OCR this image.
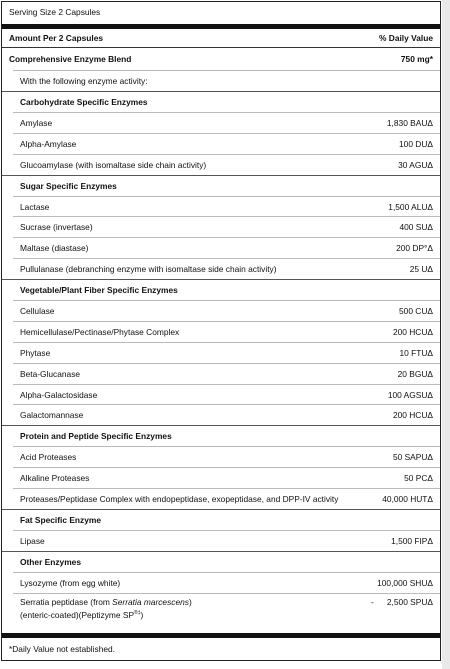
Serving Size 2 Capsules
Amount Per 2 Capsules	% Daily Value
Comprehensive Enzyme Blend	750 mg*
With the following enzyme activity:
Carbohydrate Specific Enzymes
Amylase	1,830 BAUΔ
Alpha-Amylase	100 DUΔ
Glucoamylase (with isomaltase side chain activity)	30 AGUΔ
Sugar Specific Enzymes
Lactase	1,500 ALUΔ
Sucrase (invertase)	400 SUΔ
Maltase (diastase)	200 DP°Δ
Pullulanase (debranching enzyme with isomaltase side chain activity)	25 UΔ
Vegetable/Plant Fiber Specific Enzymes
Cellulase	500 CUΔ
Hemicellulase/Pectinase/Phytase Complex	200 HCUΔ
Phytase	10 FTUΔ
Beta-Glucanase	20 BGUΔ
Alpha-Galactosidase	100 AGSUΔ
Galactomannase	200 HCUΔ
Protein and Peptide Specific Enzymes
Acid Proteases	50 SAPUΔ
Alkaline Proteases	50 PCΔ
Proteases/Peptidase Complex with endopeptidase, exopeptidase, and DPP-IV activity	40,000 HUTΔ
Fat Specific Enzyme
Lipase	1,500 FIPΔ
Other Enzymes
Lysozyme (from egg white)	100,000 SHUΔ
Serratia peptidase (from Serratia marcescens)
(enteric-coated)(Peptizyme SP®‡)
- 2,500 SPUΔ
*Daily Value not established.
